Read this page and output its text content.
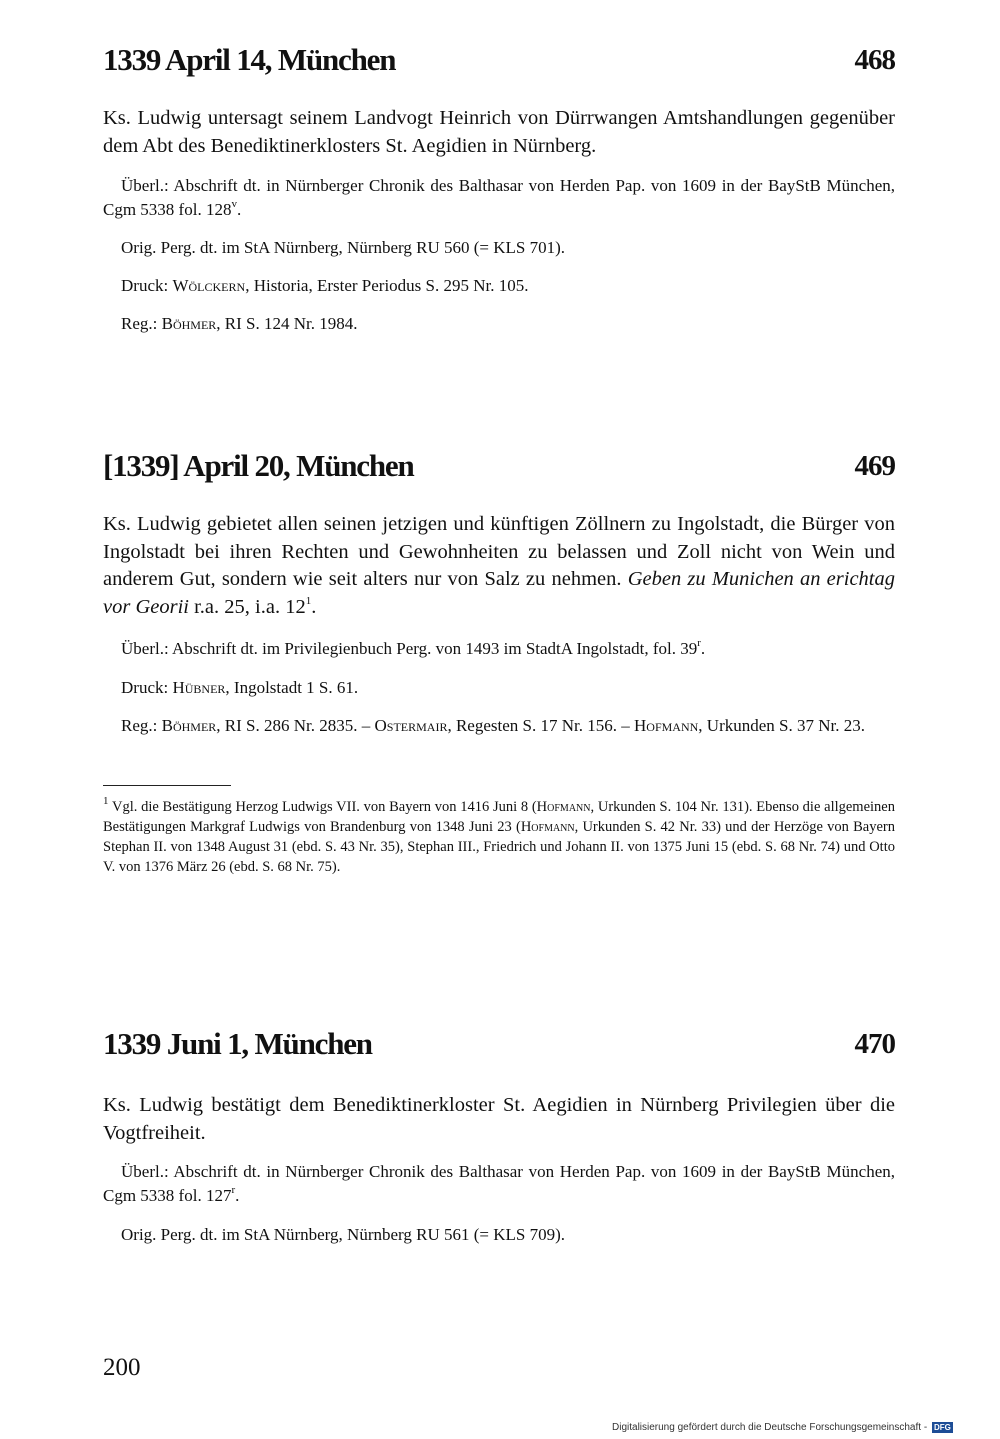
1339 April 14, München	468

Ks. Ludwig untersagt seinem Landvogt Heinrich von Dürrwangen Amtshandlungen gegenüber dem Abt des Benediktinerklosters St. Aegidien in Nürnberg.

Überl.: Abschrift dt. in Nürnberger Chronik des Balthasar von Herden Pap. von 1609 in der BayStB München, Cgm 5338 fol. 128$^v$.

Orig. Perg. dt. im StA Nürnberg, Nürnberg RU 560 (= KLS 701).

Druck: Wölckern, Historia, Erster Periodus S. 295 Nr. 105.

Reg.: Böhmer, RI S. 124 Nr. 1984.

[1339] April 20, München	469

Ks. Ludwig gebietet allen seinen jetzigen und künftigen Zöllnern zu Ingolstadt, die Bürger von Ingolstadt bei ihren Rechten und Gewohnheiten zu belassen und Zoll nicht von Wein und anderem Gut, sondern wie seit alters nur von Salz zu nehmen. Geben zu Munichen an erichtag vor Georii r.a. 25, i.a. $12^1$.

Überl.: Abschrift dt. im Privilegienbuch Perg. von 1493 im StadtA Ingolstadt, fol. 39$^r$.

Druck: Hübner, Ingolstadt 1 S. 61.

Reg.: Böhmer, RI S. 286 Nr. 2835. – Ostermair, Regesten S. 17 Nr. 156. – Hofmann, Urkunden S. 37 Nr. 23.

$^1$ Vgl. die Bestätigung Herzog Ludwigs VII. von Bayern von 1416 Juni 8 (Hofmann, Urkunden S. 104 Nr. 131). Ebenso die allgemeinen Bestätigungen Markgraf Ludwigs von Brandenburg von 1348 Juni 23 (Hofmann, Urkunden S. 42 Nr. 33) und der Herzöge von Bayern Stephan II. von 1348 August 31 (ebd. S. 43 Nr. 35), Stephan III., Friedrich und Johann II. von 1375 Juni 15 (ebd. S. 68 Nr. 74) und Otto V. von 1376 März 26 (ebd. S. 68 Nr. 75).
1339 Juni 1, München	470

Ks. Ludwig bestätigt dem Benediktinerkloster St. Aegidien in Nürnberg Privilegien über die Vogtfreiheit.

Überl.: Abschrift dt. in Nürnberger Chronik des Balthasar von Herden Pap. von 1609 in der BayStB München, Cgm 5338 fol. 127$^r$.

Orig. Perg. dt. im StA Nürnberg, Nürnberg RU 561 (= KLS 709).

200
Digitalisierung gefördert durch die Deutsche Forschungsgemeinschaft - DFG
